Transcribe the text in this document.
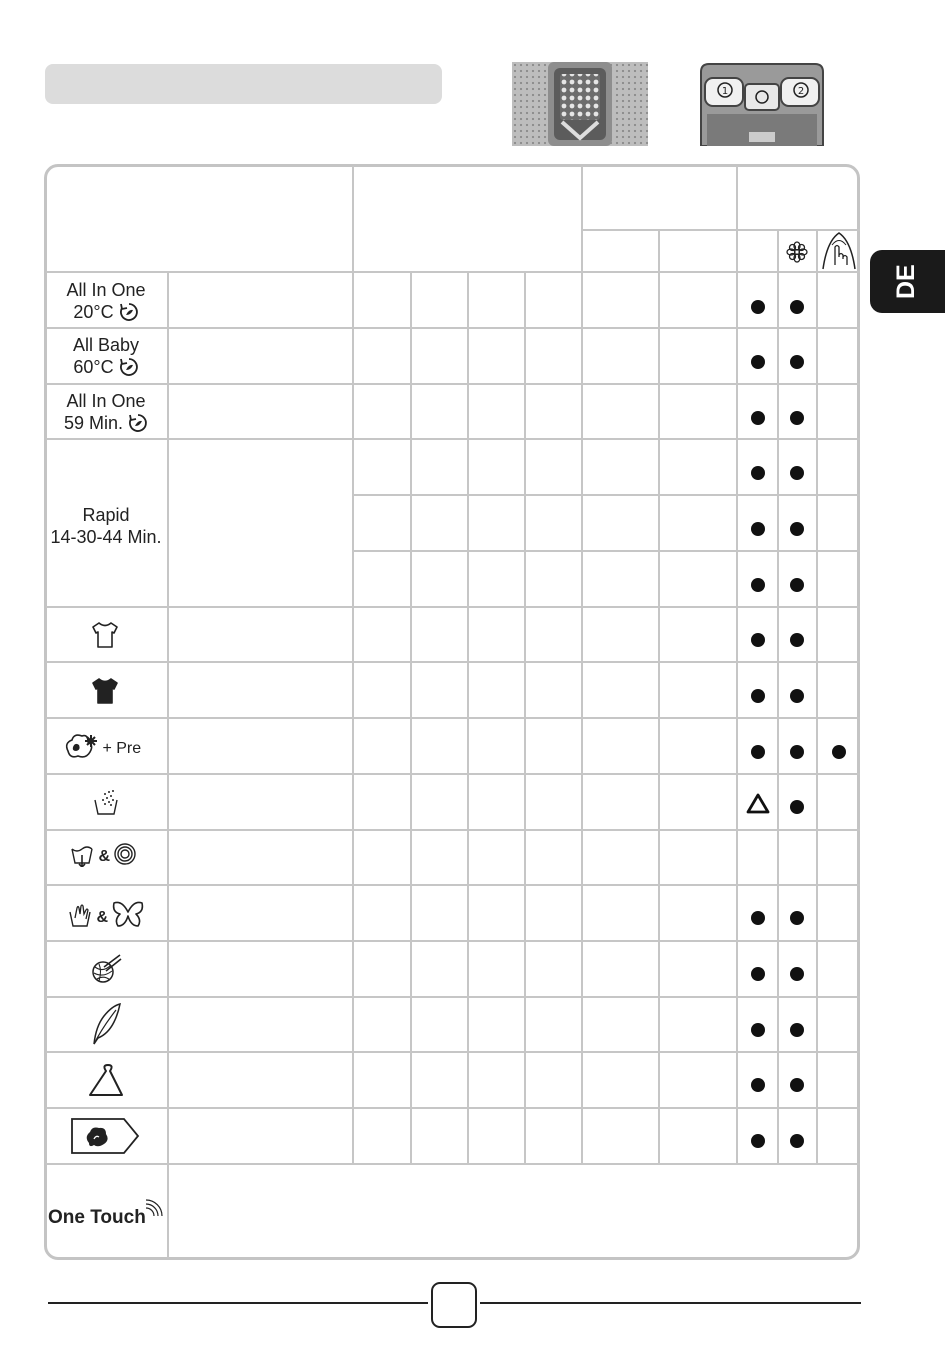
1	2
DE
All In One
20°C
All Baby
60°C
All In One
59 Min.
Rapid
14-30-44 Min.
+ Pre
&
&
One Touch
